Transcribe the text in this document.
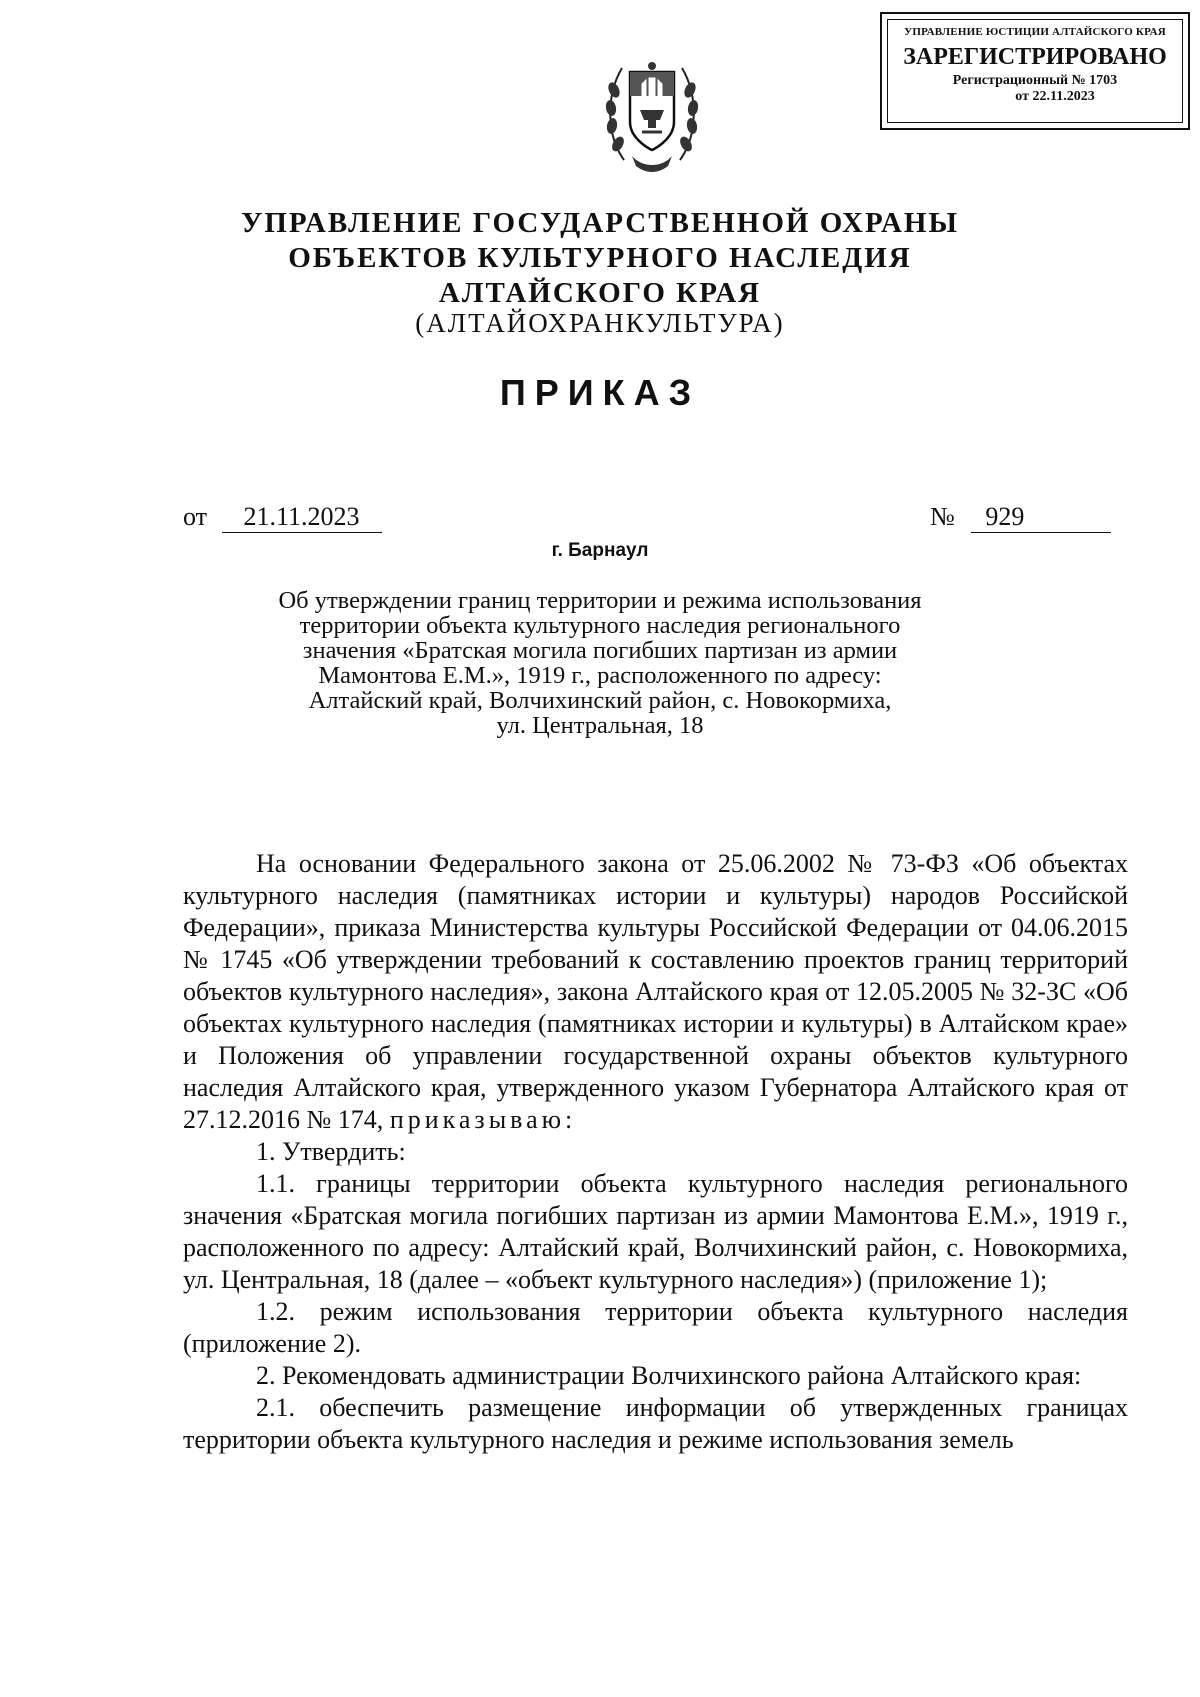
УПРАВЛЕНИЕ ЮСТИЦИИ АЛТАЙСКОГО КРАЯ
ЗАРЕГИСТРИРОВАНО
Регистрационный № 1703
от 22.11.2023
УПРАВЛЕНИЕ ГОСУДАРСТВЕННОЙ ОХРАНЫ
ОБЪЕКТОВ КУЛЬТУРНОГО НАСЛЕДИЯ
АЛТАЙСКОГО КРАЯ
(АЛТАЙОХРАНКУЛЬТУРА)
ПРИКАЗ
от 21.11.2023	№ 929
г. Барнаул
Об утверждении границ территории и режима использования
территории объекта культурного наследия регионального
значения «Братская могила погибших партизан из армии
Мамонтова Е.М.», 1919 г., расположенного по адресу:
Алтайский край, Волчихинский район, с. Новокормиха,
ул. Центральная, 18

На основании Федерального закона от 25.06.2002 № 73-ФЗ «Об объектах культурного наследия (памятниках истории и культуры) народов Российской Федерации», приказа Министерства культуры Российской Федерации от 04.06.2015 № 1745 «Об утверждении требований к составлению проектов границ территорий объектов культурного наследия», закона Алтайского края от 12.05.2005 № 32-ЗС «Об объектах культурного наследия (памятниках истории и культуры) в Алтайском крае» и Положения об управлении государственной охраны объектов культурного наследия Алтайского края, утвержденного указом Губернатора Алтайского края от 27.12.2016 № 174, приказываю:

1. Утвердить:

1.1. границы территории объекта культурного наследия регионального значения «Братская могила погибших партизан из армии Мамонтова Е.М.», 1919 г., расположенного по адресу: Алтайский край, Волчихинский район, с. Новокормиха, ул. Центральная, 18 (далее – «объект культурного наследия») (приложение 1);

1.2. режим использования территории объекта культурного наследия (приложение 2).

2. Рекомендовать администрации Волчихинского района Алтайского края:

2.1. обеспечить размещение информации об утвержденных границах территории объекта культурного наследия и режиме использования земель
